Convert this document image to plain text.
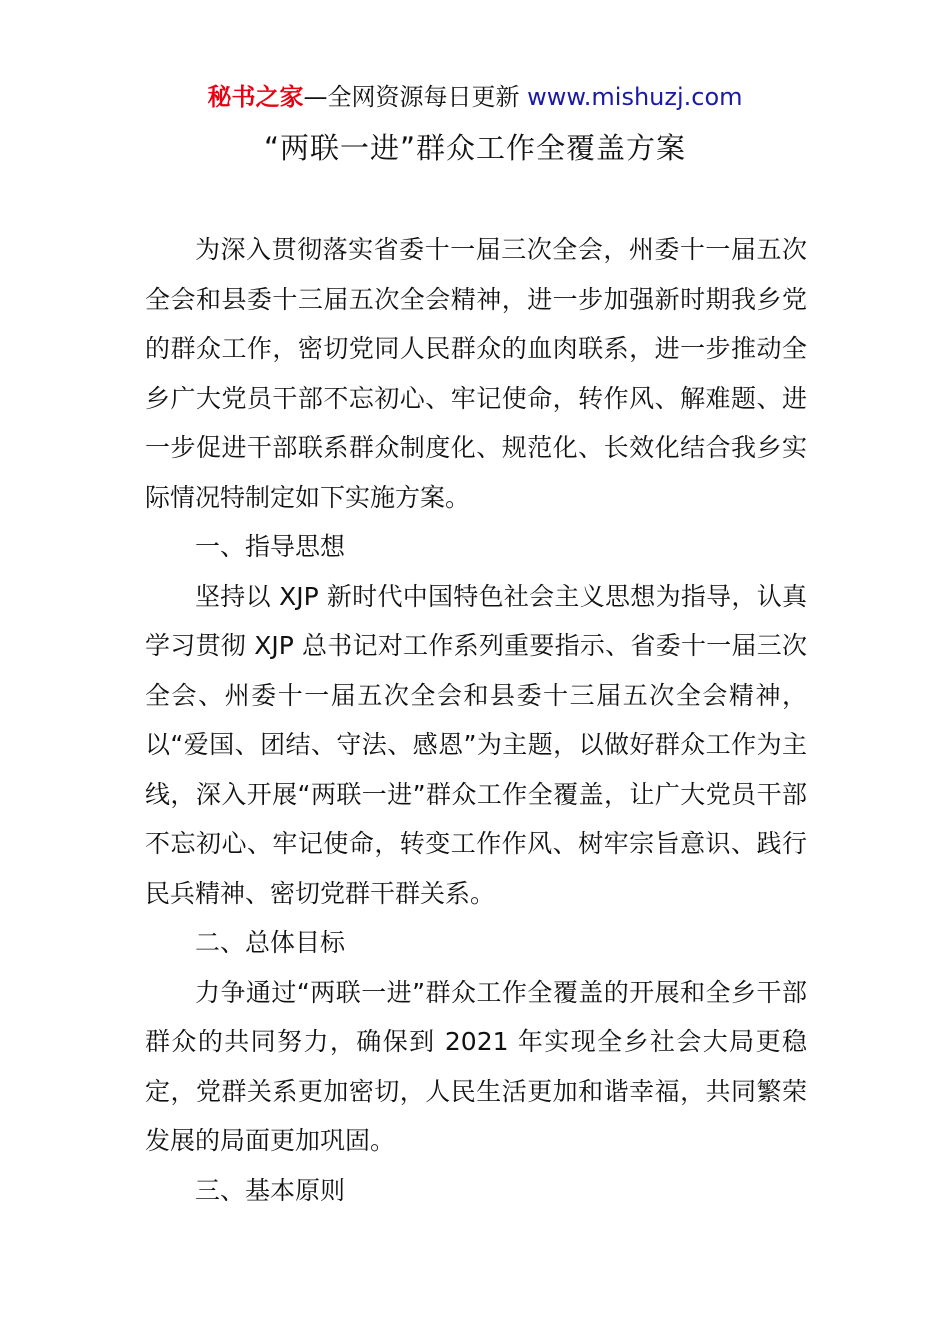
秘书之家—全网资源每日更新 www.mishuzj.com
“两联一进”群众工作全覆盖方案

为深入贯彻落实省委十一届三次全会，州委十一届五次全会和县委十三届五次全会精神，进一步加强新时期我乡党的群众工作，密切党同人民群众的血肉联系，进一步推动全乡广大党员干部不忘初心、牢记使命，转作风、解难题、进一步促进干部联系群众制度化、规范化、长效化结合我乡实际情况特制定如下实施方案。

一、指导思想

坚持以 XJP 新时代中国特色社会主义思想为指导，认真学习贯彻 XJP 总书记对工作系列重要指示、省委十一届三次全会、州委十一届五次全会和县委十三届五次全会精神，以“爱国、团结、守法、感恩”为主题，以做好群众工作为主线，深入开展“两联一进”群众工作全覆盖，让广大党员干部不忘初心、牢记使命，转变工作作风、树牢宗旨意识、践行民兵精神、密切党群干群关系。

二、总体目标

力争通过“两联一进”群众工作全覆盖的开展和全乡干部群众的共同努力，确保到 2021 年实现全乡社会大局更稳定，党群关系更加密切，人民生活更加和谐幸福，共同繁荣发展的局面更加巩固。

三、基本原则
